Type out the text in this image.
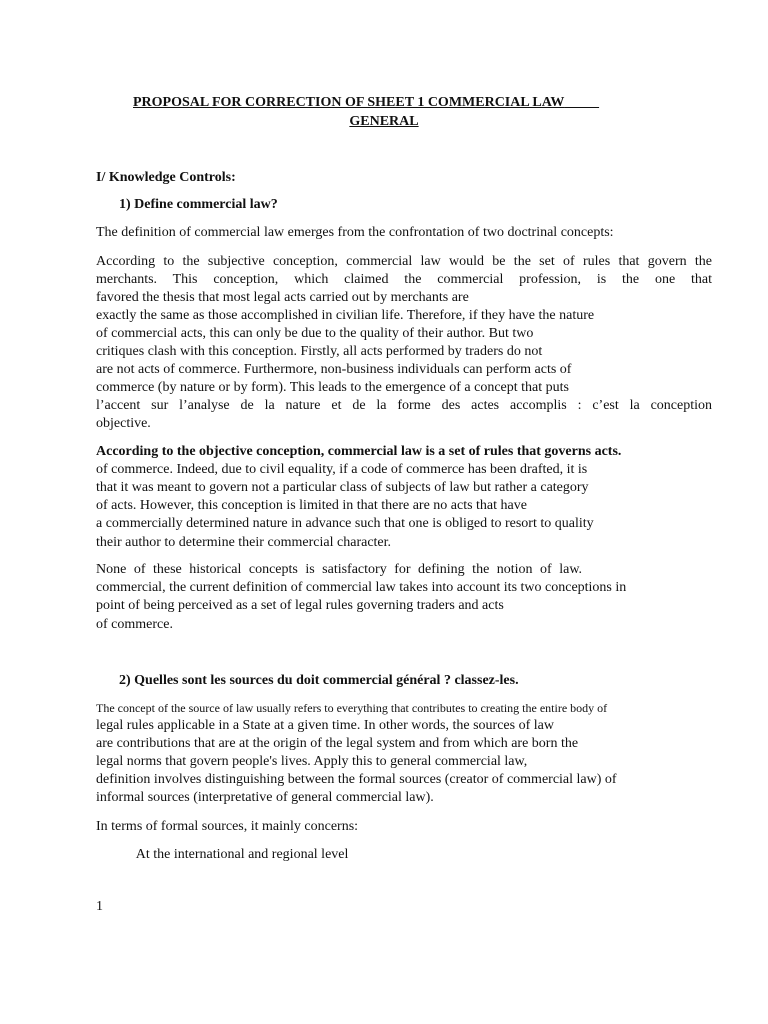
PROPOSAL FOR CORRECTION OF SHEET 1 COMMERCIAL LAW
GENERAL
I/ Knowledge Controls:
1) Define commercial law?
The definition of commercial law emerges from the confrontation of two doctrinal concepts:
According to the subjective conception, commercial law would be the set of rules that govern the
merchants. This conception, which claimed the commercial profession, is the one that
favored the thesis that most legal acts carried out by merchants are
exactly the same as those accomplished in civilian life. Therefore, if they have the nature
of commercial acts, this can only be due to the quality of their author. But two
critiques clash with this conception. Firstly, all acts performed by traders do not
are not acts of commerce. Furthermore, non-business individuals can perform acts of
commerce (by nature or by form). This leads to the emergence of a concept that puts
l’accent sur l’analyse de la nature et de la forme des actes accomplis : c’est la conception
objective.
According to the objective conception, commercial law is a set of rules that governs acts.
of commerce. Indeed, due to civil equality, if a code of commerce has been drafted, it is
that it was meant to govern not a particular class of subjects of law but rather a category
of acts. However, this conception is limited in that there are no acts that have
a commercially determined nature in advance such that one is obliged to resort to quality
their author to determine their commercial character.
None of these historical concepts is satisfactory for defining the notion of law.
commercial, the current definition of commercial law takes into account its two conceptions in
point of being perceived as a set of legal rules governing traders and acts
of commerce.
2) Quelles sont les sources du doit commercial général ? classez-les.
The concept of the source of law usually refers to everything that contributes to creating the entire body of
legal rules applicable in a State at a given time. In other words, the sources of law
are contributions that are at the origin of the legal system and from which are born the
legal norms that govern people's lives. Apply this to general commercial law,
definition involves distinguishing between the formal sources (creator of commercial law) of
informal sources (interpretative of general commercial law).
In terms of formal sources, it mainly concerns:
At the international and regional level
1
